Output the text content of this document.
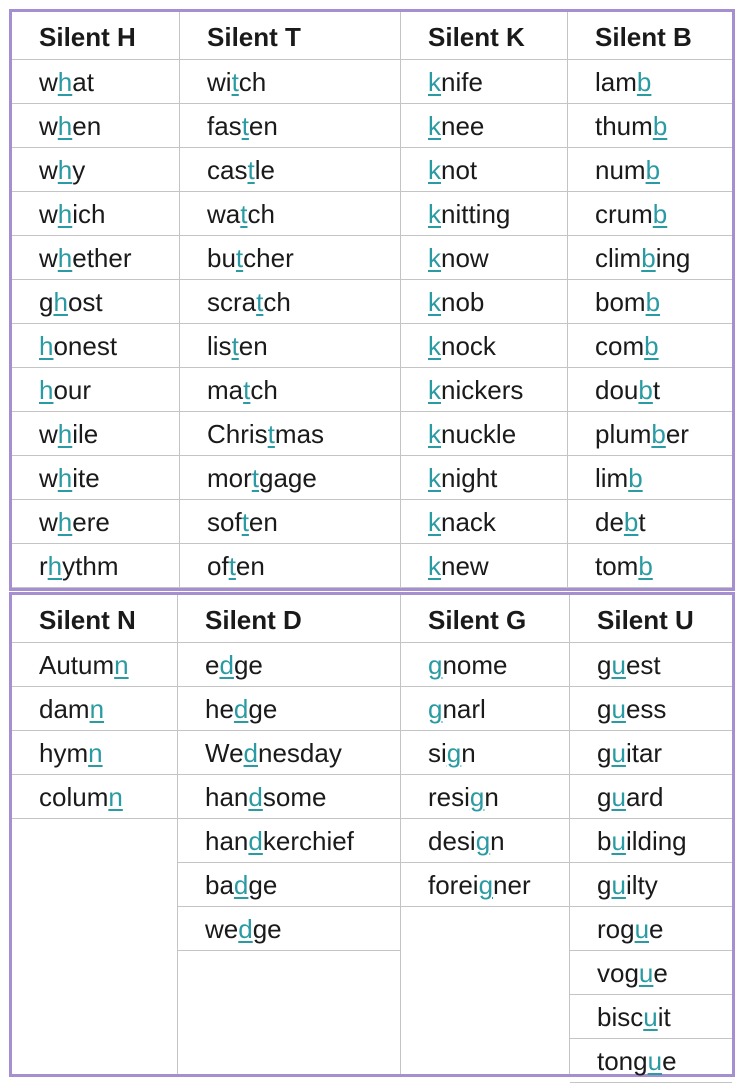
Silent H
what
when
why
which
whether
ghost
honest
hour
while
white
where
rhythm
Silent T
witch
fasten
castle
watch
butcher
scratch
listen
match
Christmas
mortgage
soften
often
Silent K
knife
knee
knot
knitting
know
knob
knock
knickers
knuckle
knight
knack
knew
Silent B
lamb
thumb
numb
crumb
climbing
bomb
comb
doubt
plumber
limb
debt
tomb
Silent N
Autumn
damn
hymn
column
Silent D
edge
hedge
Wednesday
handsome
handkerchief
badge
wedge
Silent G
gnome
gnarl
sign
resign
design
foreigner
Silent U
guest
guess
guitar
guard
building
guilty
rogue
vogue
biscuit
tongue
